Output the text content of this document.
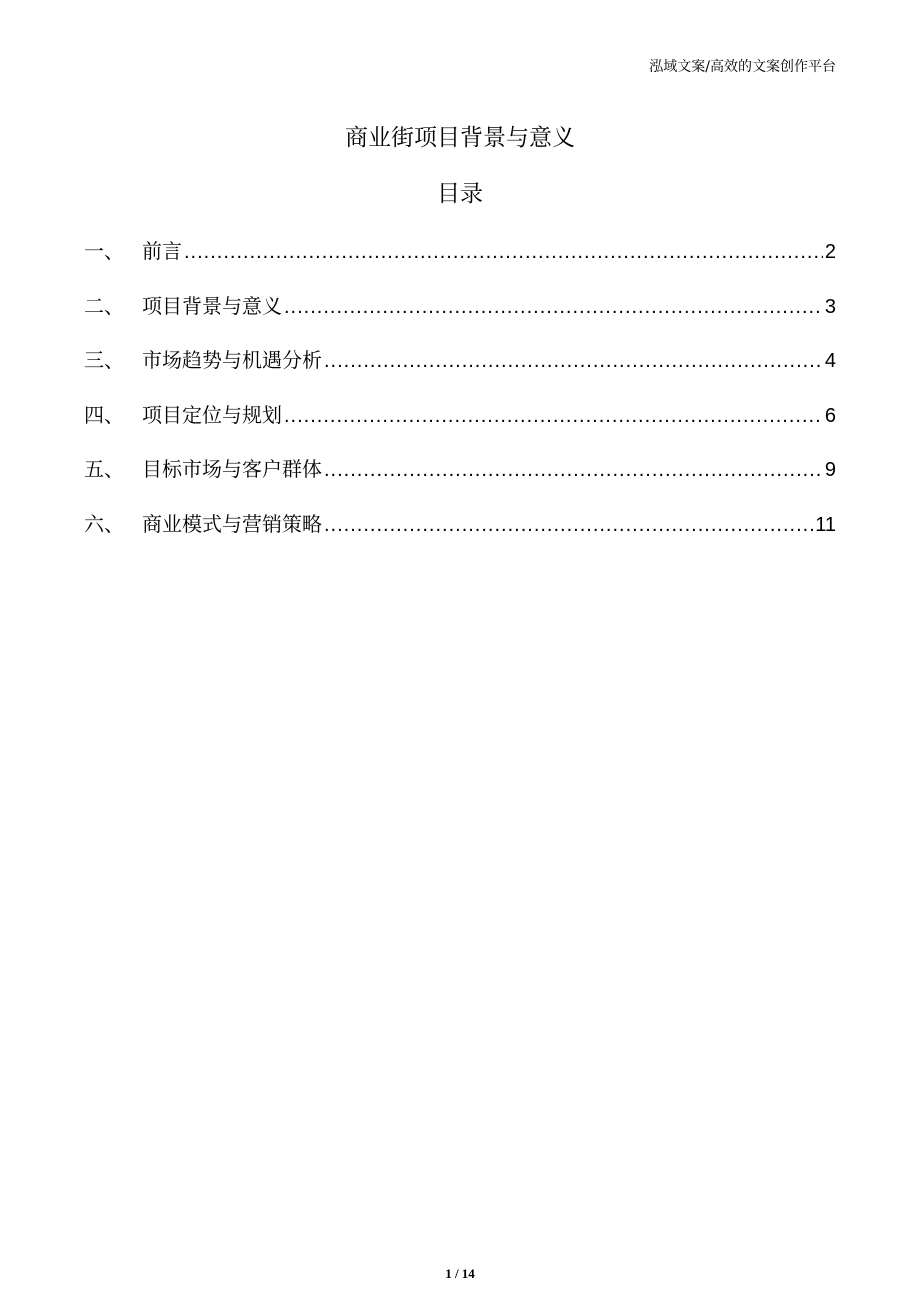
泓域文案/高效的文案创作平台
商业街项目背景与意义
目录
一、 前言 .....	2
二、 项目背景与意义 .....	3
三、 市场趋势与机遇分析 .....	4
四、 项目定位与规划 .....	6
五、 目标市场与客户群体 .....	9
六、 商业模式与营销策略 .....	11
1 / 14
